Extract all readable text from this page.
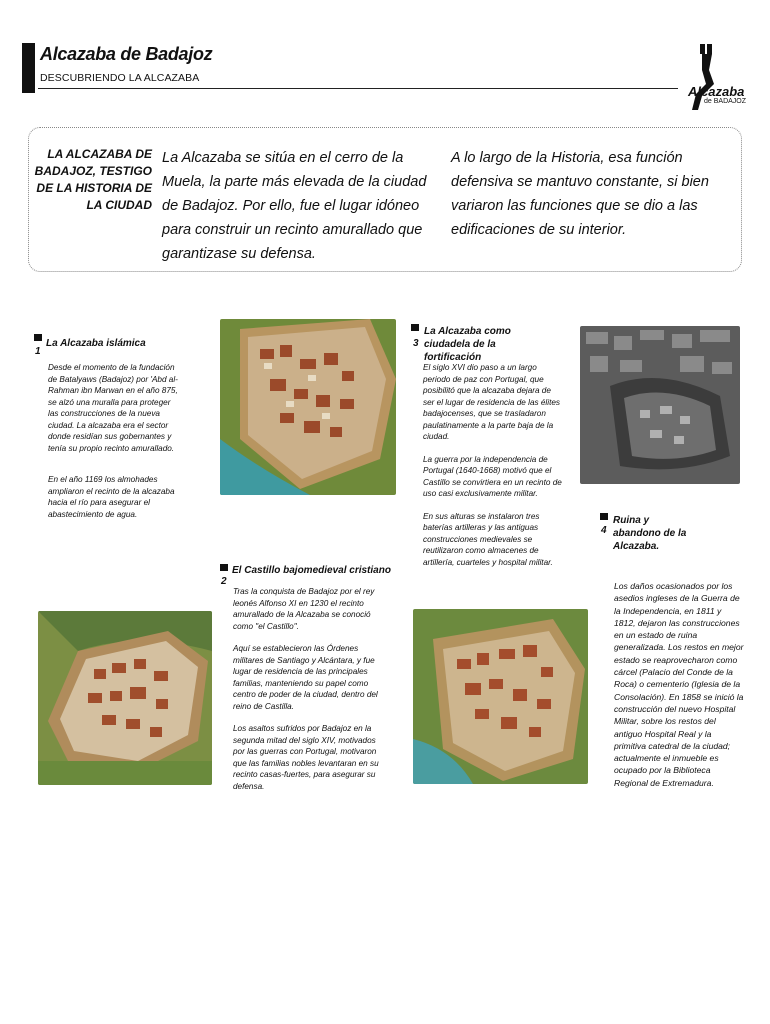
Alcazaba de Badajoz
DESCUBRIENDO LA ALCAZABA
Alcazaba
de BADAJOZ
LA ALCAZABA DE BADAJOZ, TESTIGO DE LA HISTORIA DE LA CIUDAD
La Alcazaba se sitúa en el cerro de la Muela, la parte más elevada de la ciudad de Badajoz. Por ello, fue el lugar idóneo para construir un recinto amurallado que garantizase su defensa.
A lo largo de la Historia, esa función defensiva se mantuvo constante, si bien variaron las funciones que se dio a las edificaciones de su interior.
1
La Alcazaba islámica

Desde el momento de la fundación de Batalyaws (Badajoz) por 'Abd al-Rahman ibn Marwan en el año 875, se alzó una muralla para proteger las construcciones de la nueva ciudad. La alcazaba era el sector donde residían sus gobernantes y tenía su propio recinto amurallado.

En el año 1169 los almohades ampliaron el recinto de la alcazaba hacia el río para asegurar el abastecimiento de agua.

2
El Castillo bajomedieval cristiano

Tras la conquista de Badajoz por el rey leonés Alfonso XI en 1230 el recinto amurallado de la Alcazaba se conoció como "el Castillo".

Aquí se establecieron las Órdenes militares de Santiago y Alcántara, y fue lugar de residencia de las principales familias, manteniendo su papel como centro de poder de la ciudad, dentro del reino de Castilla.

Los asaltos sufridos por Badajoz en la segunda mitad del siglo XIV, motivados por las guerras con Portugal, motivaron que las familias nobles levantaran en su recinto casas-fuertes, para asegurar su defensa.

3
La Alcazaba como ciudadela de la fortificación

El siglo XVI dio paso a un largo periodo de paz con Portugal, que posibilitó que la alcazaba dejara de ser el lugar de residencia de las élites badajocenses, que se trasladaron paulatinamente a la parte baja de la ciudad.

La guerra por la independencia de Portugal (1640-1668) motivó que el Castillo se convirtiera en un recinto de uso casi exclusivamente militar.

En sus alturas se instalaron tres baterías artilleras y las antiguas construcciones medievales se reutilizaron como almacenes de artillería, cuarteles y hospital militar.

4
Ruina y abandono de la Alcazaba.

Los daños ocasionados por los asedios ingleses de la Guerra de la Independencia, en 1811 y 1812, dejaron las construcciones en un estado de ruina generalizada. Los restos en mejor estado se reaprovecharon como cárcel (Palacio del Conde de la Roca) o cementerio (Iglesia de la Consolación). En 1858 se inició la construcción del nuevo Hospital Militar, sobre los restos del antiguo Hospital Real y la primitiva catedral de la ciudad; actualmente el inmueble es ocupado por la Biblioteca Regional de Extremadura.
